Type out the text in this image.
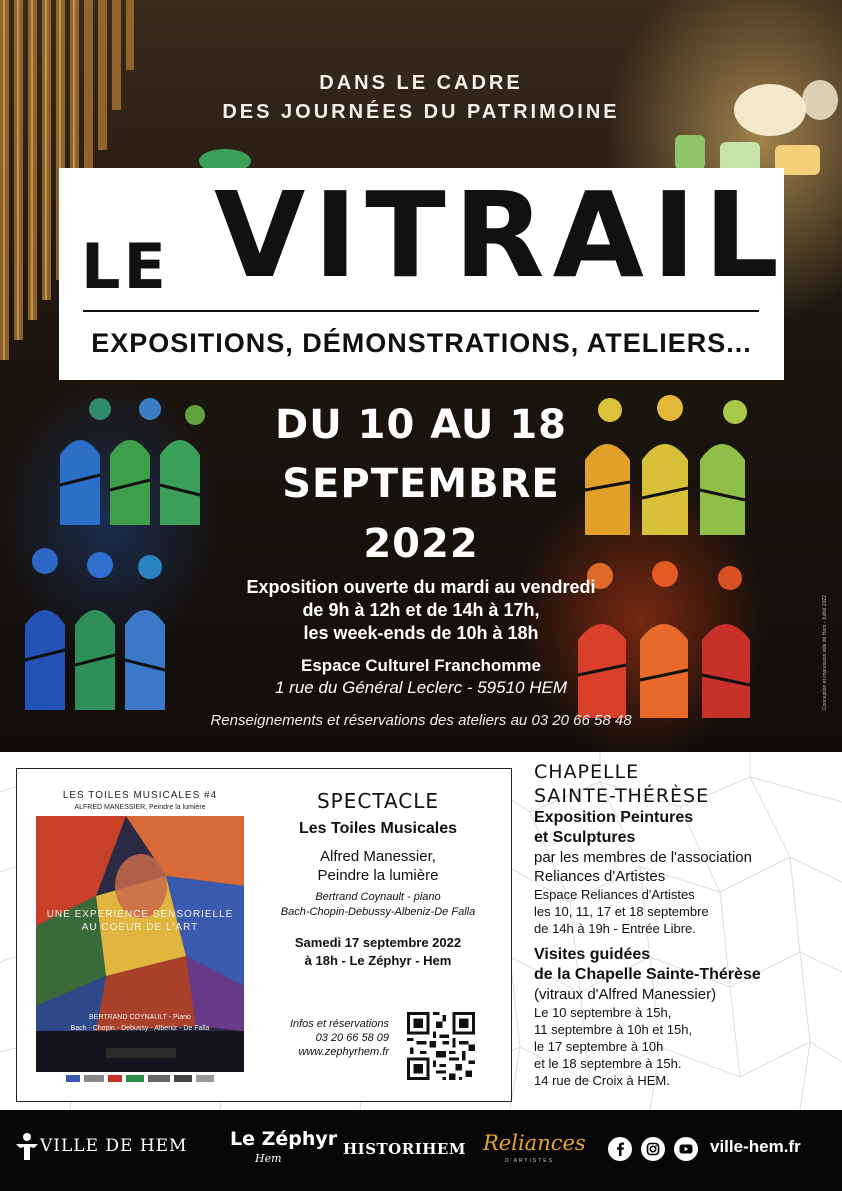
DANS LE CADRE
DES JOURNÉES DU PATRIMOINE
LE VITRAIL
EXPOSITIONS, DÉMONSTRATIONS, ATELIERS...
DU 10 AU 18
SEPTEMBRE
2022
Exposition ouverte du mardi au vendredi
de 9h à 12h et de 14h à 17h,
les week-ends de 10h à 18h
Espace Culturel Franchomme
1 rue du Général Leclerc - 59510 HEM
Renseignements et réservations des ateliers au 03 20 66 58 48
Conception et impression ville de Hem - Juillet 2022
LES TOILES MUSICALES #4
ALFRED MANESSIER, Peindre la lumière
UNE EXPERIENCE SENSORIELLE
AU COEUR DE L'ART
BERTRAND COYNAULT - Piano
Bach - Chopin - Debussy - Albeniz - De Falla
SPECTACLE
Les Toiles Musicales
Alfred Manessier,
Peindre la lumière
Bertrand Coynault - piano
Bach-Chopin-Debussy-Albeniz-De Falla
Samedi 17 septembre 2022
à 18h - Le Zéphyr - Hem
Infos et réservations
03 20 66 58 09
www.zephyrhem.fr
CHAPELLE
SAINTE-THÉRÈSE
Exposition Peintures
et Sculptures
par les membres de l'association
Reliances d'Artistes
Espace Reliances d'Artistes
les 10, 11, 17 et 18 septembre
de 14h à 19h - Entrée Libre.
Visites guidées
de la Chapelle Sainte-Thérèse
(vitraux d'Alfred Manessier)
Le 10 septembre à 15h,
11 septembre à 10h et 15h,
le 17 septembre à 10h
et le 18 septembre à 15h.
14 rue de Croix à HEM.
VILLE DE HEM Le Zéphyr
Hem
HISTORIHEM Reliances
D'ARTISTES
ville-hem.fr
